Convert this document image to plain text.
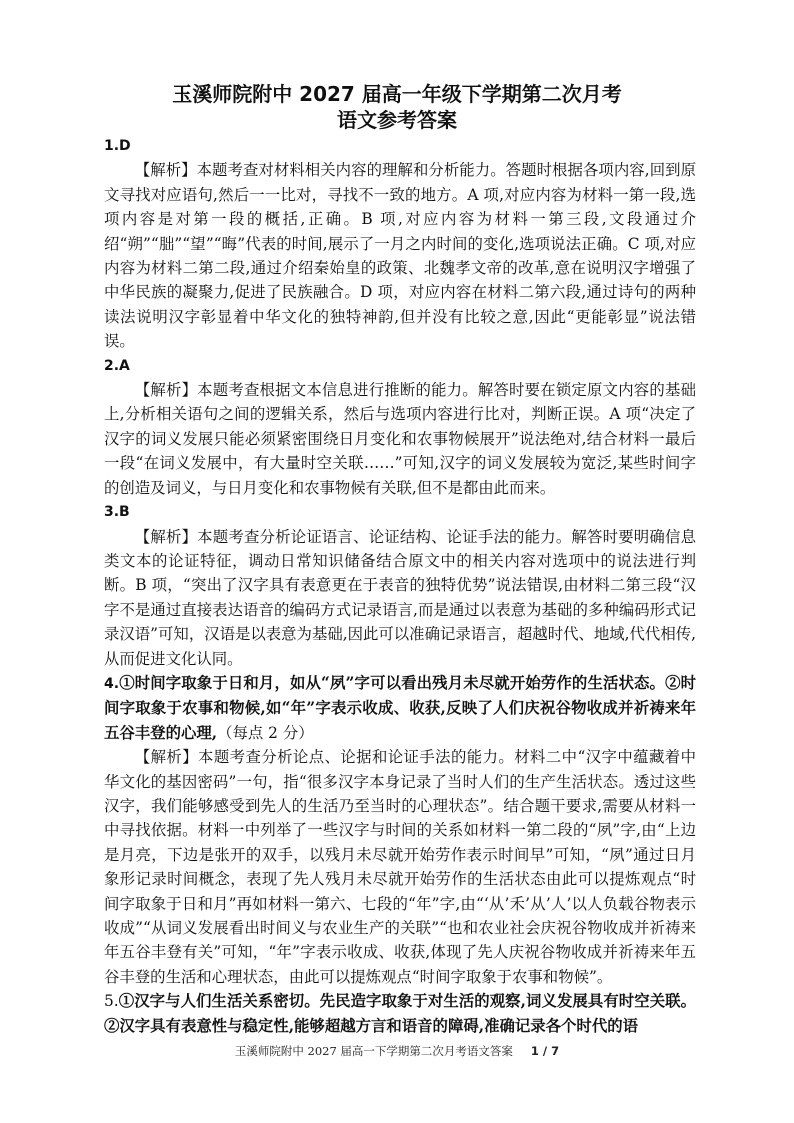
玉溪师院附中 2027 届高一年级下学期第二次月考
语文参考答案

1.D

【解析】本题考查对材料相关内容的理解和分析能力。答题时根据各项内容,回到原文寻找对应语句,然后一一比对，寻找不一致的地方。A 项,对应内容为材料一第一段,选项内容是对第一段的概括,正确。B 项,对应内容为材料一第三段,文段通过介绍“朔”“朏”“望”“晦”代表的时间,展示了一月之内时间的变化,选项说法正确。C 项,对应内容为材料二第二段,通过介绍秦始皇的政策、北魏孝文帝的改革,意在说明汉字增强了中华民族的凝聚力,促进了民族融合。D 项，对应内容在材料二第六段,通过诗句的两种读法说明汉字彰显着中华文化的独特神韵,但并没有比较之意,因此“更能彰显”说法错误。

2.A

【解析】本题考查根据文本信息进行推断的能力。解答时要在锁定原文内容的基础上,分析相关语句之间的逻辑关系，然后与选项内容进行比对，判断正误。A 项“决定了汉字的词义发展只能必须紧密围绕日月变化和农事物候展开”说法绝对,结合材料一最后一段“在词义发展中，有大量时空关联……”可知,汉字的词义发展较为宽泛,某些时间字的创造及词义，与日月变化和农事物候有关联,但不是都由此而来。

3.B

【解析】本题考查分析论证语言、论证结构、论证手法的能力。解答时要明确信息类文本的论证特征，调动日常知识储备结合原文中的相关内容对选项中的说法进行判断。B 项，“突出了汉字具有表意更在于表音的独特优势”说法错误,由材料二第三段“汉字不是通过直接表达语音的编码方式记录语言,而是通过以表意为基础的多种编码形式记录汉语”可知，汉语是以表意为基础,因此可以准确记录语言，超越时代、地域,代代相传,从而促进文化认同。

4.①时间字取象于日和月，如从“夙”字可以看出残月未尽就开始劳作的生活状态。②时间字取象于农事和物候,如“年”字表示收成、收获,反映了人们庆祝谷物收成并祈祷来年五谷丰登的心理,（每点 2 分）

【解析】本题考查分析论点、论据和论证手法的能力。材料二中“汉字中蕴藏着中华文化的基因密码”一句，指“很多汉字本身记录了当时人们的生产生活状态。透过这些汉字，我们能够感受到先人的生活乃至当时的心理状态”。结合题干要求,需要从材料一中寻找依据。材料一中列举了一些汉字与时间的关系如材料一第二段的“夙”字,由“上边是月亮，下边是张开的双手，以残月未尽就开始劳作表示时间早”可知，“夙”通过日月象形记录时间概念，表现了先人残月未尽就开始劳作的生活状态由此可以提炼观点“时间字取象于日和月”再如材料一第六、七段的“年”字,由“‘从’禾’从’人’以人负载谷物表示收成”“从词义发展看出时间义与农业生产的关联”“也和农业社会庆祝谷物收成并祈祷来年五谷丰登有关”可知，“年”字表示收成、收获,体现了先人庆祝谷物收成并祈祷来年五谷丰登的生活和心理状态，由此可以提炼观点“时间字取象于农事和物候”。

5.①汉字与人们生活关系密切。先民造字取象于对生活的观察,词义发展具有时空关联。②汉字具有表意性与稳定性,能够超越方言和语音的障碍,准确记录各个时代的语

玉溪师院附中 2027 届高一下学期第二次月考语文答案 1 / 7
